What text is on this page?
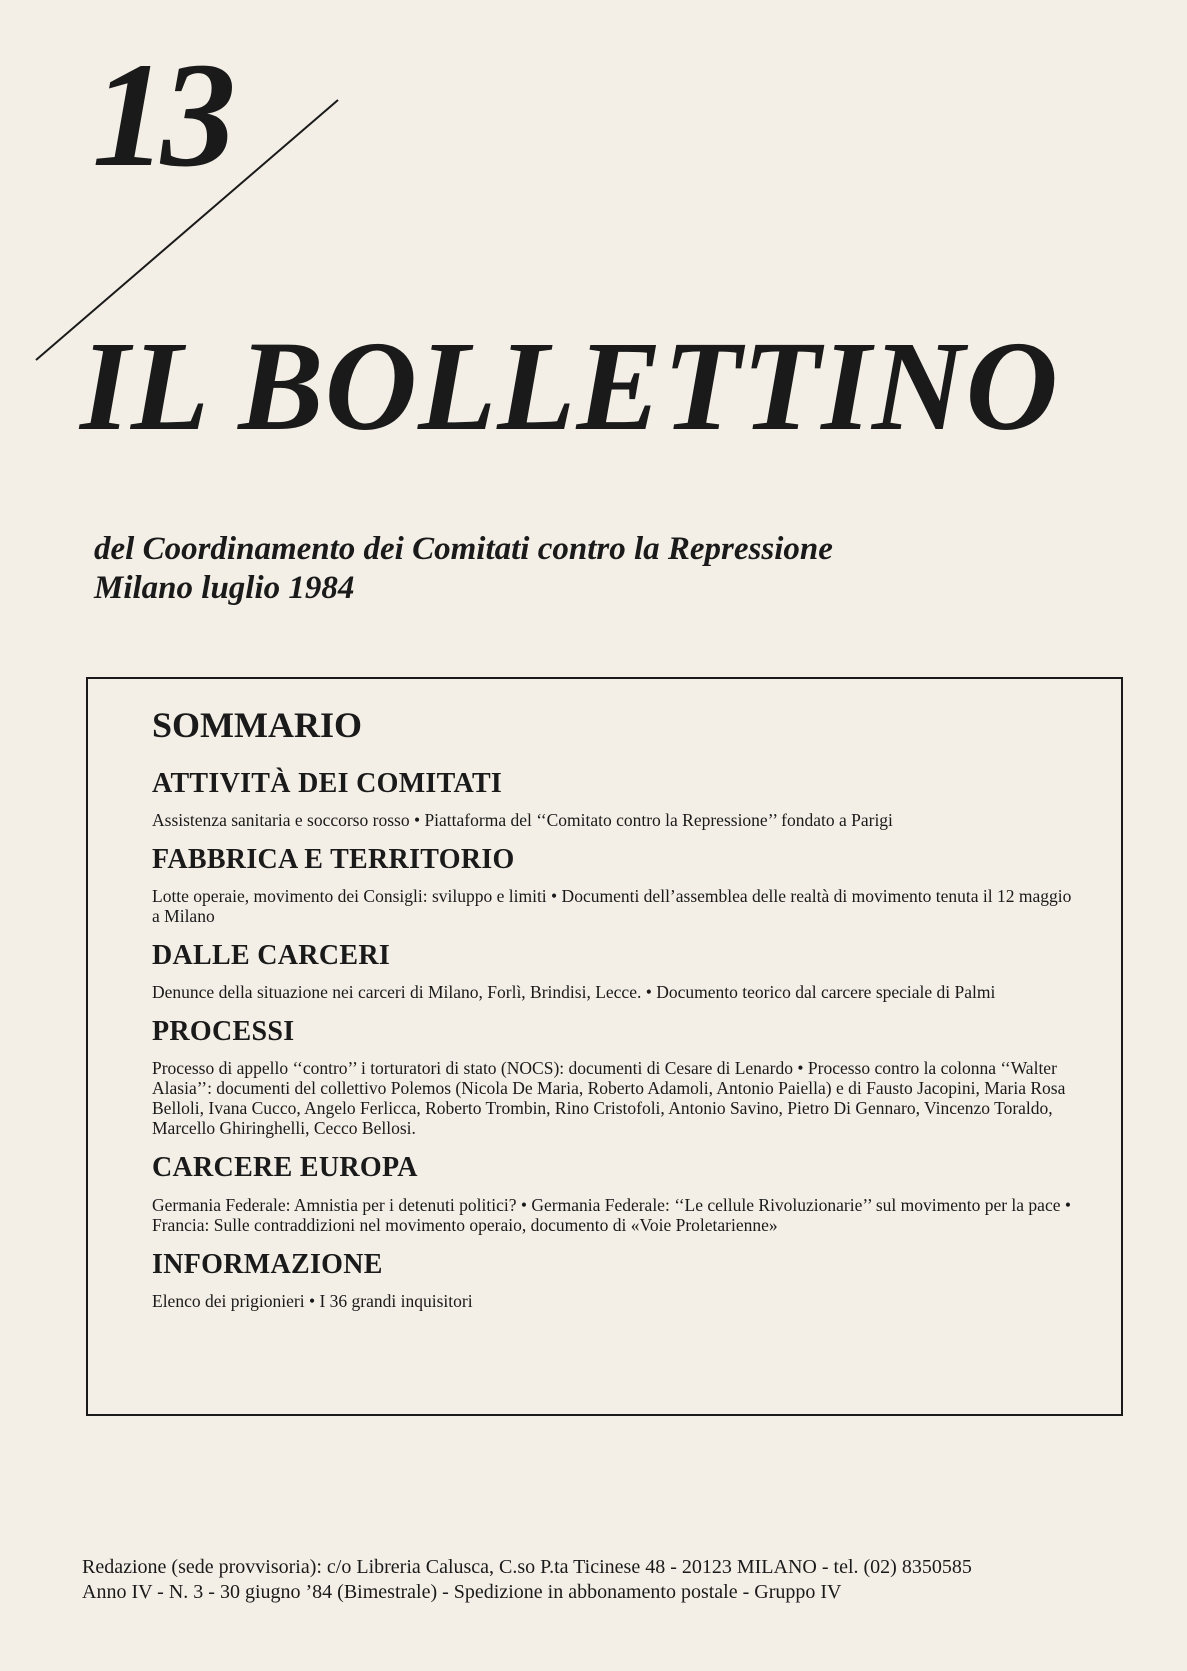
13
IL BOLLETTINO
del Coordinamento dei Comitati contro la Repressione
Milano luglio 1984
SOMMARIO
ATTIVITÀ DEI COMITATI

Assistenza sanitaria e soccorso rosso • Piattaforma del ‘‘Comitato contro la Repressione’’ fondato a Parigi

FABBRICA E TERRITORIO

Lotte operaie, movimento dei Consigli: sviluppo e limiti • Documenti dell’assemblea delle realtà di movimento tenuta il 12 maggio a Milano

DALLE CARCERI

Denunce della situazione nei carceri di Milano, Forlì, Brindisi, Lecce. • Documento teorico dal carcere speciale di Palmi

PROCESSI

Processo di appello ‘‘contro’’ i torturatori di stato (NOCS): documenti di Cesare di Lenardo • Processo contro la colonna ‘‘Walter Alasia’’: documenti del collettivo Polemos (Nicola De Maria, Roberto Adamoli, Antonio Paiella) e di Fausto Jacopini, Maria Rosa Belloli, Ivana Cucco, Angelo Ferlicca, Roberto Trombin, Rino Cristofoli, Antonio Savino, Pietro Di Gennaro, Vincenzo Toraldo, Marcello Ghiringhelli, Cecco Bellosi.

CARCERE EUROPA

Germania Federale: Amnistia per i detenuti politici? • Germania Federale: ‘‘Le cellule Rivoluzionarie’’ sul movimento per la pace • Francia: Sulle contraddizioni nel movimento operaio, documento di «Voie Proletarienne»

INFORMAZIONE

Elenco dei prigionieri • I 36 grandi inquisitori

Redazione (sede provvisoria): c/o Libreria Calusca, C.so P.ta Ticinese 48 - 20123 MILANO - tel. (02) 8350585
Anno IV - N. 3 - 30 giugno ’84 (Bimestrale) - Spedizione in abbonamento postale - Gruppo IV
